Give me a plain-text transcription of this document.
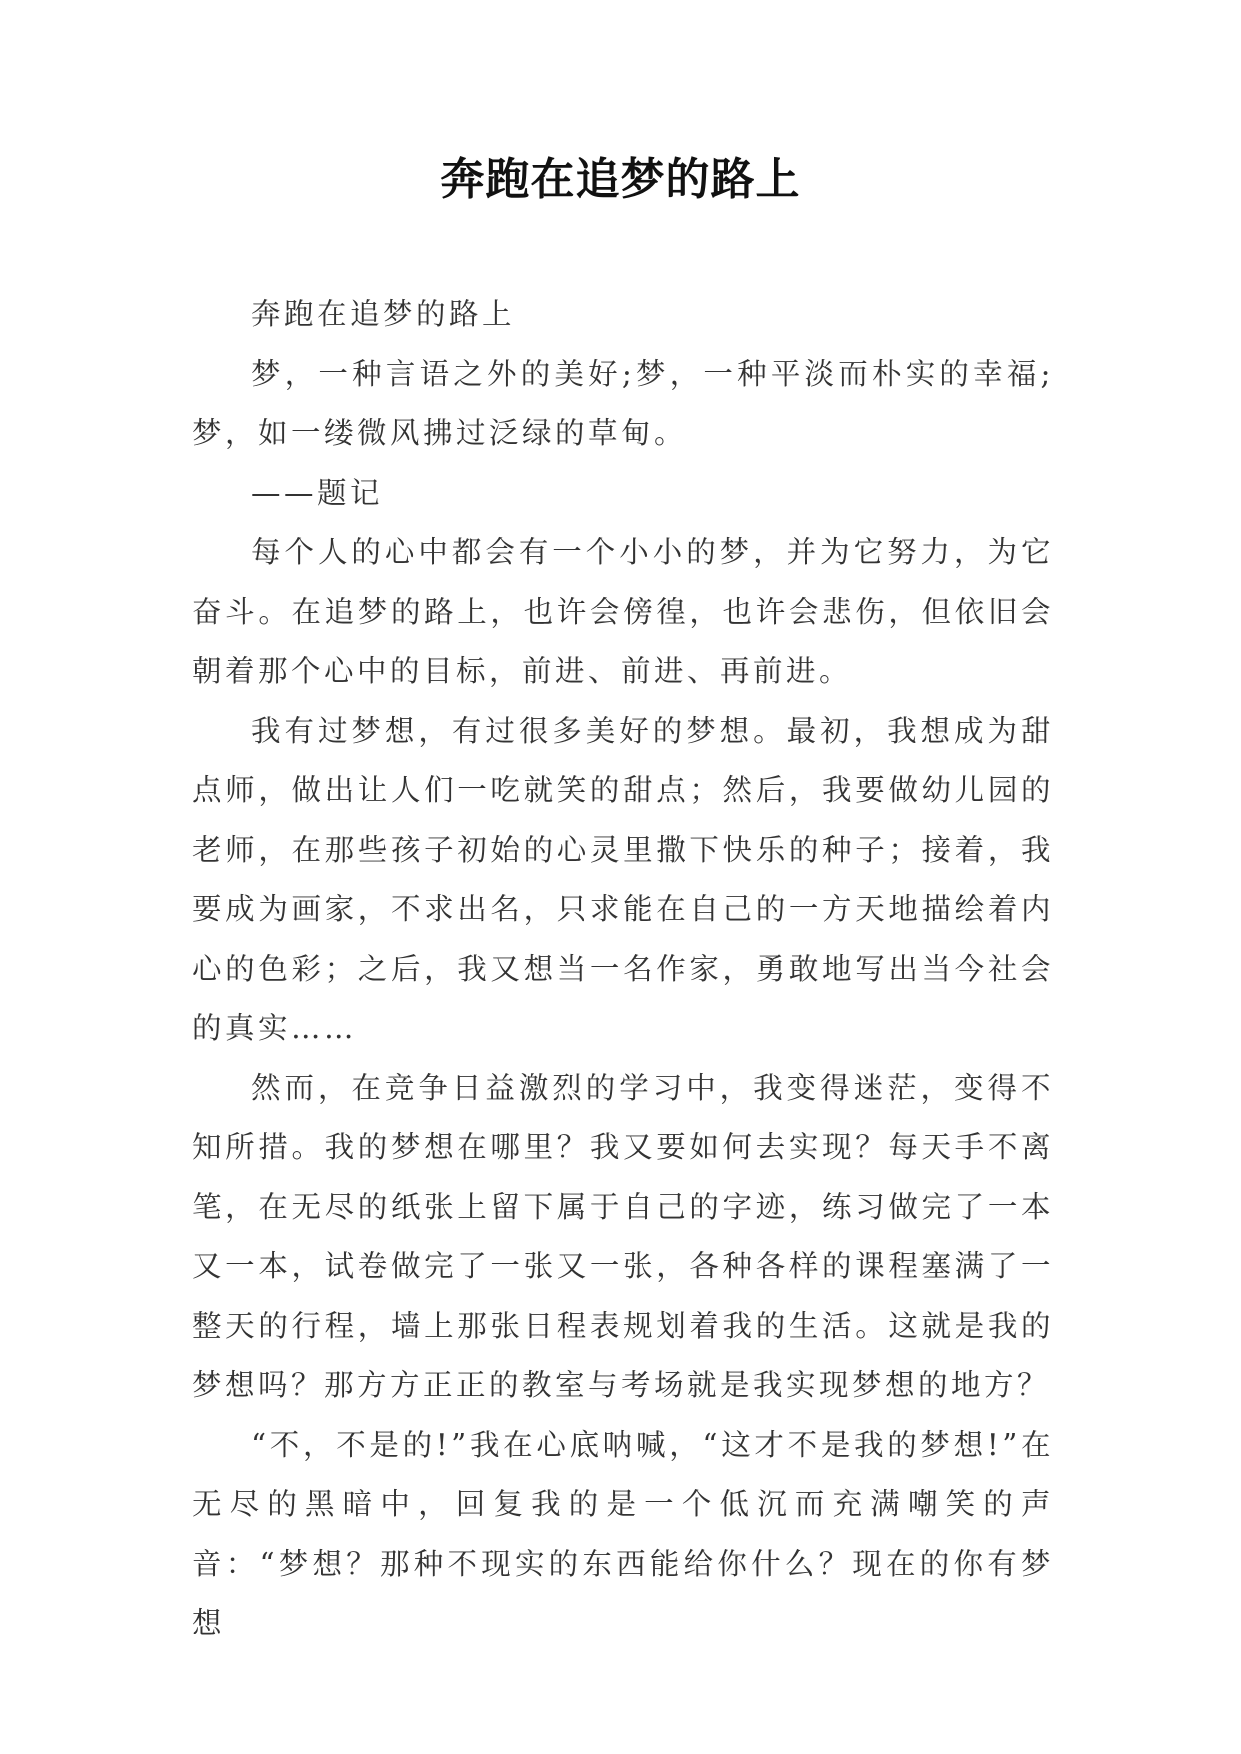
奔跑在追梦的路上

奔跑在追梦的路上

梦，一种言语之外的美好;梦，一种平淡而朴实的幸福;梦，如一缕微风拂过泛绿的草甸。

——题记

每个人的心中都会有一个小小的梦，并为它努力，为它奋斗。在追梦的路上，也许会傍徨，也许会悲伤，但依旧会朝着那个心中的目标，前进、前进、再前进。

我有过梦想，有过很多美好的梦想。最初，我想成为甜点师，做出让人们一吃就笑的甜点；然后，我要做幼儿园的老师，在那些孩子初始的心灵里撒下快乐的种子；接着，我要成为画家，不求出名，只求能在自己的一方天地描绘着内心的色彩；之后，我又想当一名作家，勇敢地写出当今社会的真实……

然而，在竞争日益激烈的学习中，我变得迷茫，变得不知所措。我的梦想在哪里？我又要如何去实现？每天手不离笔，在无尽的纸张上留下属于自己的字迹，练习做完了一本又一本，试卷做完了一张又一张，各种各样的课程塞满了一整天的行程，墙上那张日程表规划着我的生活。这就是我的梦想吗？那方方正正的教室与考场就是我实现梦想的地方？

“不，不是的!”我在心底呐喊，“这才不是我的梦想!”在无尽的黑暗中，回复我的是一个低沉而充满嘲笑的声音：“梦想？那种不现实的东西能给你什么？现在的你有梦想
